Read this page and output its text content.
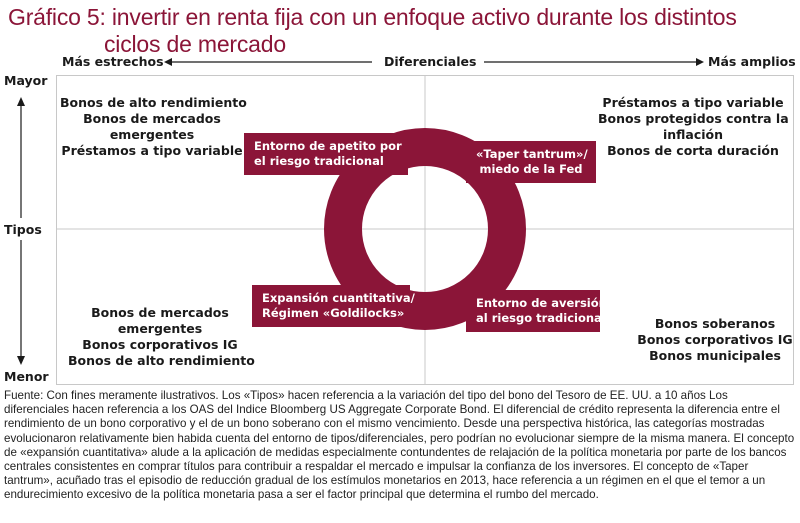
Gráfico 5: invertir en renta fija con un enfoque activo durante los distintos
ciclos de mercado
Más estrechos	Diferenciales	Más amplios
Mayor
Tipos
Menor
Bonos de alto rendimiento
Bonos de mercados
emergentes
Préstamos a tipo variable
Préstamos a tipo variable
Bonos protegidos contra la
inflación
Bonos de corta duración
Bonos de mercados
emergentes
Bonos corporativos IG
Bonos de alto rendimiento
Bonos soberanos
Bonos corporativos IG
Bonos municipales
Entorno de apetito por
el riesgo tradicional	«Taper tantrum»/
miedo de la Fed
Expansión cuantitativa/
Régimen «Goldilocks»
Entorno de aversión
al riesgo tradicional
Fuente: Con fines meramente ilustrativos. Los «Tipos» hacen referencia a la variación del tipo del bono del Tesoro de EE. UU. a 10 años Los diferenciales hacen referencia a los OAS del Indice Bloomberg US Aggregate Corporate Bond. El diferencial de crédito representa la diferencia entre el rendimiento de un bono corporativo y el de un bono soberano con el mismo vencimiento. Desde una perspectiva histórica, las categorías mostradas evolucionaron relativamente bien habida cuenta del entorno de tipos/diferenciales, pero podrían no evolucionar siempre de la misma manera. El concepto de «expansión cuantitativa» alude a la aplicación de medidas especialmente contundentes de relajación de la política monetaria por parte de los bancos centrales consistentes en comprar títulos para contribuir a respaldar el mercado e impulsar la confianza de los inversores. El concepto de «Taper tantrum», acuñado tras el episodio de reducción gradual de los estímulos monetarios en 2013, hace referencia a un régimen en el que el temor a un endurecimiento excesivo de la política monetaria pasa a ser el factor principal que determina el rumbo del mercado.
